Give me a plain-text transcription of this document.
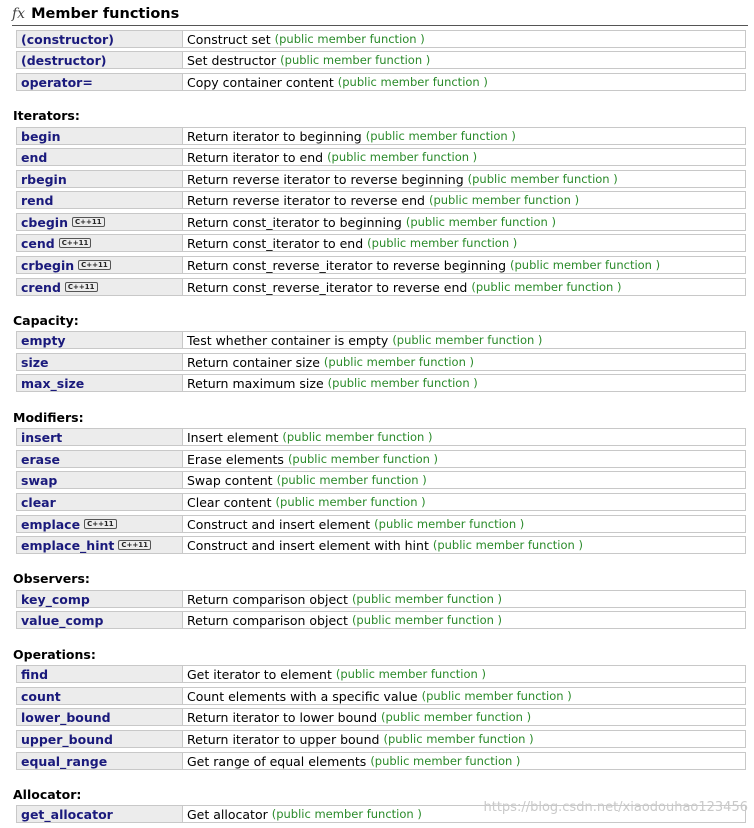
fx Member functions
(constructor)	Construct set (public member function )
(destructor)	Set destructor (public member function )
operator=	Copy container content (public member function )
Iterators:
begin	Return iterator to beginning (public member function )
end	Return iterator to end (public member function )
rbegin	Return reverse iterator to reverse beginning (public member function )
rend	Return reverse iterator to reverse end (public member function )
cbegin	C++11	Return const_iterator to beginning (public member function )
cend	C++11	Return const_iterator to end (public member function )
crbegin	C++11	Return const_reverse_iterator to reverse beginning (public member function )
crend	C++11	Return const_reverse_iterator to reverse end (public member function )
Capacity:
empty	Test whether container is empty (public member function )
size	Return container size (public member function )
max_size	Return maximum size (public member function )
Modifiers:
insert	Insert element (public member function )
erase	Erase elements (public member function )
swap	Swap content (public member function )
clear	Clear content (public member function )
emplace	C++11	Construct and insert element (public member function )
emplace_hint	C++11	Construct and insert element with hint (public member function )
Observers:
key_comp	Return comparison object (public member function )
value_comp	Return comparison object (public member function )
Operations:
find	Get iterator to element (public member function )
count	Count elements with a specific value (public member function )
lower_bound	Return iterator to lower bound (public member function )
upper_bound	Return iterator to upper bound (public member function )
equal_range	Get range of equal elements (public member function )
Allocator:
get_allocator	Get allocator (public member function )	https://blog.csdn.net/xiaodouhao123456
